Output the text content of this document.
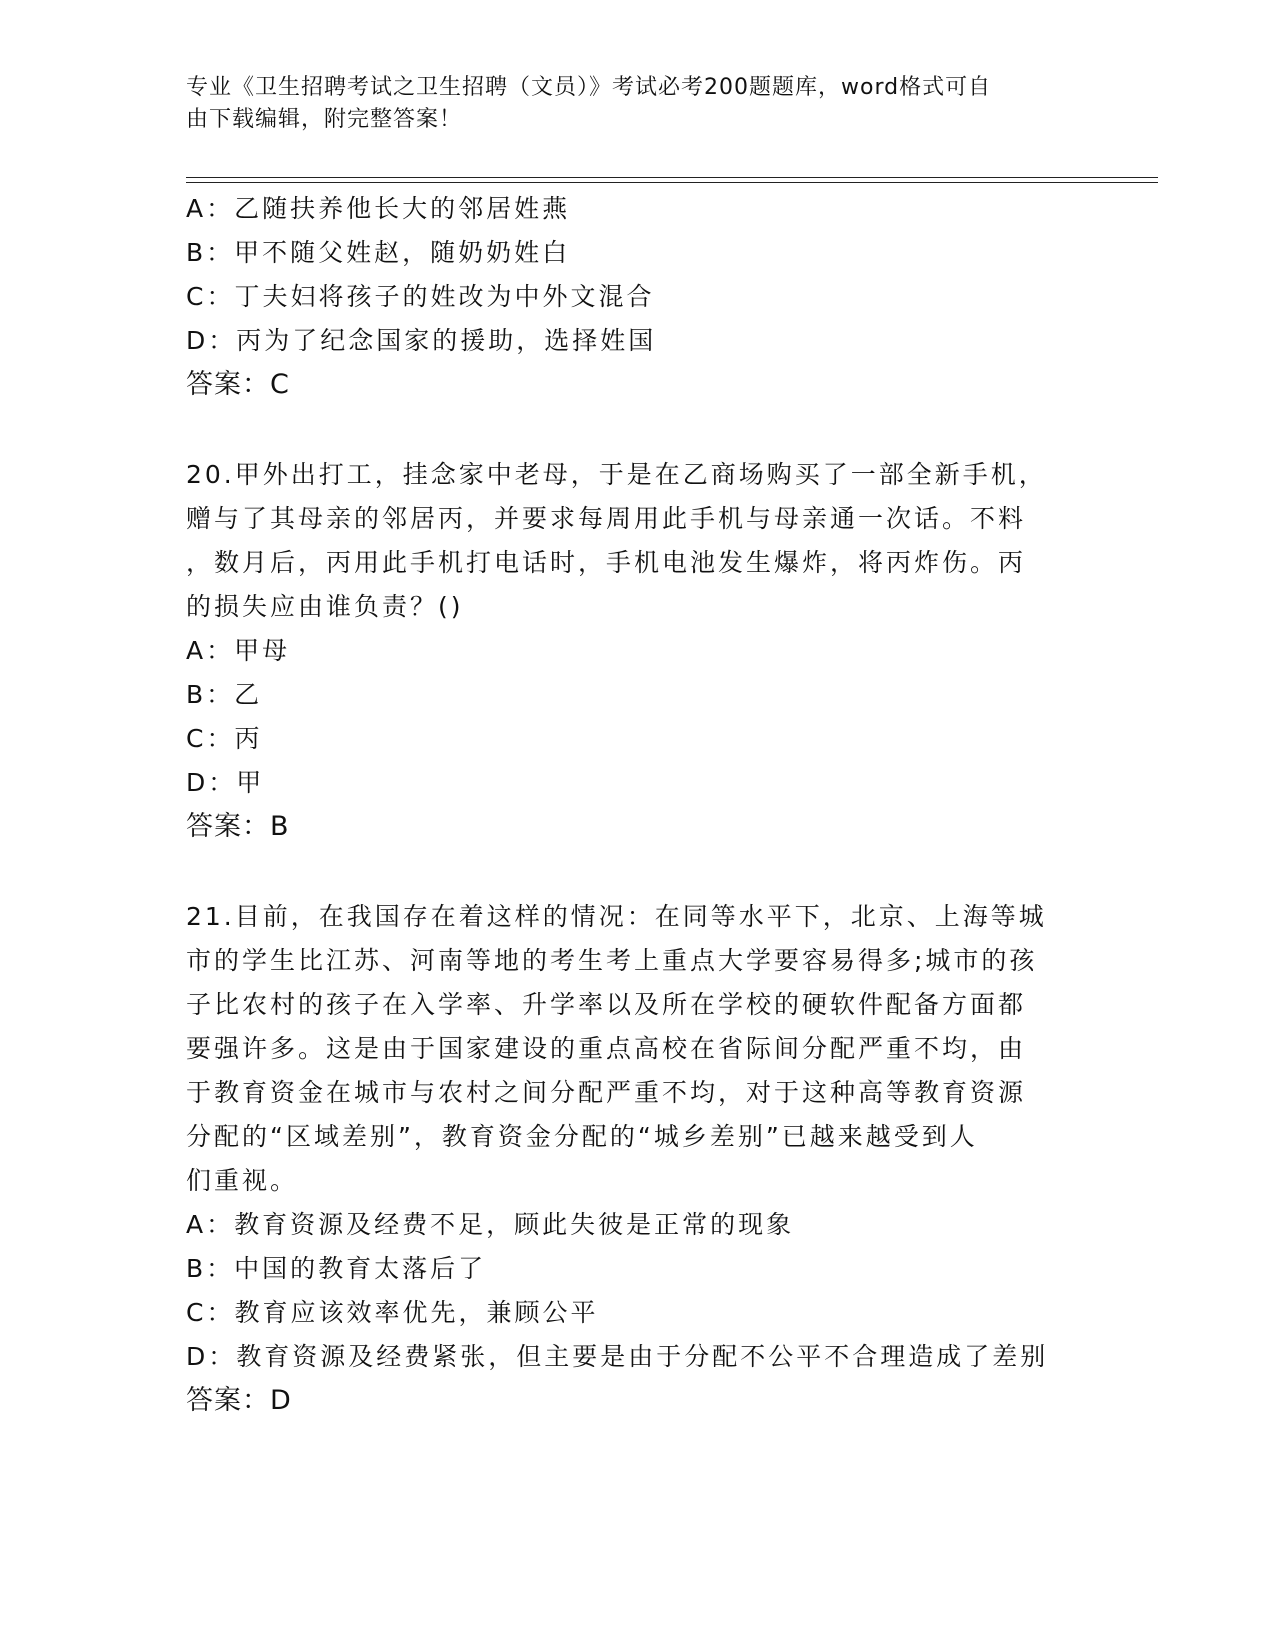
专业《卫生招聘考试之卫生招聘（文员）》考试必考200题题库，word格式可自
由下载编辑，附完整答案！
A：乙随扶养他长大的邻居姓燕
B：甲不随父姓赵，随奶奶姓白
C：丁夫妇将孩子的姓改为中外文混合
D：丙为了纪念国家的援助，选择姓国
答案：C
20.甲外出打工，挂念家中老母，于是在乙商场购买了一部全新手机，
赠与了其母亲的邻居丙，并要求每周用此手机与母亲通一次话。不料
，数月后，丙用此手机打电话时，手机电池发生爆炸，将丙炸伤。丙
的损失应由谁负责？()
A：甲母
B：乙
C：丙
D：甲
答案：B
21.目前，在我国存在着这样的情况：在同等水平下，北京、上海等城
市的学生比江苏、河南等地的考生考上重点大学要容易得多;城市的孩
子比农村的孩子在入学率、升学率以及所在学校的硬软件配备方面都
要强许多。这是由于国家建设的重点高校在省际间分配严重不均，由
于教育资金在城市与农村之间分配严重不均，对于这种高等教育资源
分配的“区域差别”，教育资金分配的“城乡差别”已越来越受到人
们重视。
A：教育资源及经费不足，顾此失彼是正常的现象
B：中国的教育太落后了
C：教育应该效率优先，兼顾公平
D：教育资源及经费紧张，但主要是由于分配不公平不合理造成了差别
答案：D
